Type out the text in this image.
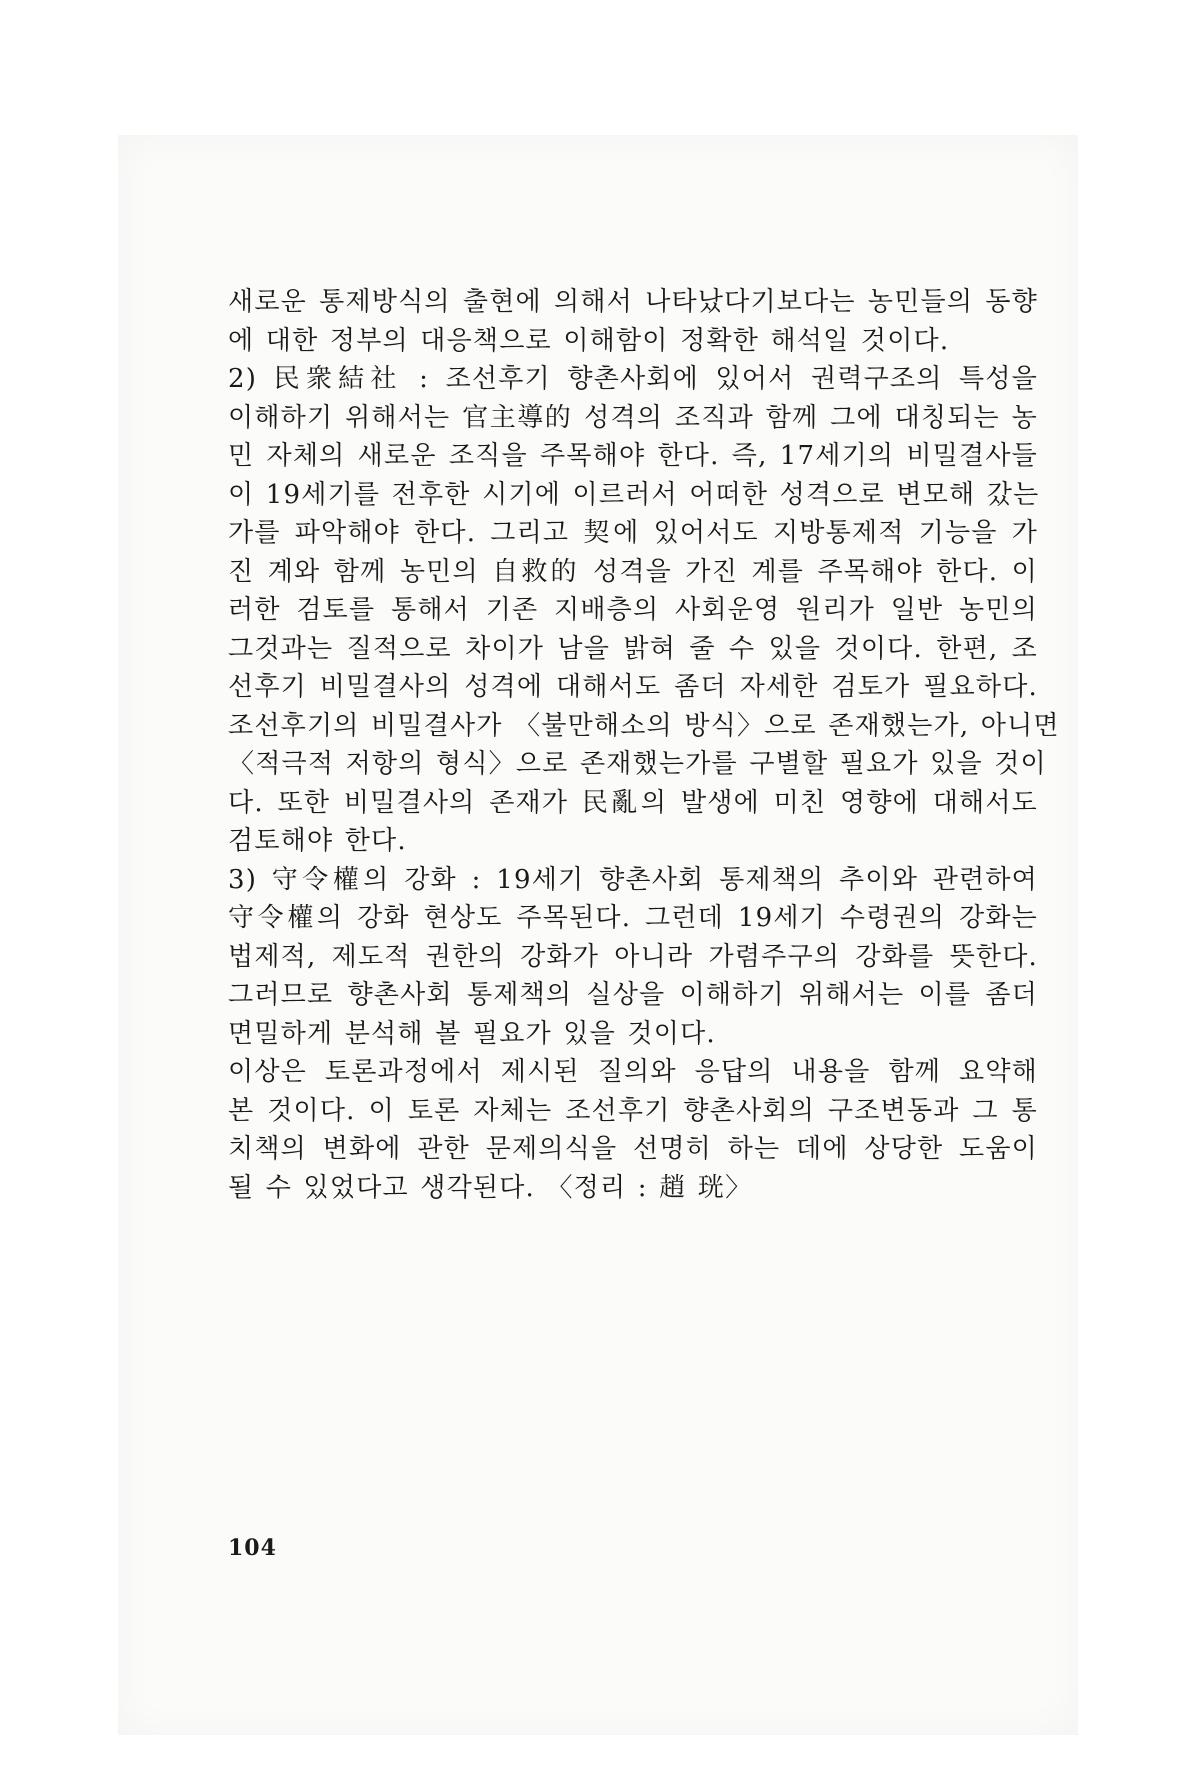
새로운 통제방식의 출현에 의해서 나타났다기보다는 농민들의 동향
에 대한 정부의 대응책으로 이해함이 정확한 해석일 것이다.
2) 民衆結社 : 조선후기 향촌사회에 있어서 권력구조의 특성을
이해하기 위해서는 官主導的 성격의 조직과 함께 그에 대칭되는 농
민 자체의 새로운 조직을 주목해야 한다. 즉, 17세기의 비밀결사들
이 19세기를 전후한 시기에 이르러서 어떠한 성격으로 변모해 갔는
가를 파악해야 한다. 그리고 契에 있어서도 지방통제적 기능을 가
진 계와 함께 농민의 自救的 성격을 가진 계를 주목해야 한다. 이
러한 검토를 통해서 기존 지배층의 사회운영 원리가 일반 농민의
그것과는 질적으로 차이가 남을 밝혀 줄 수 있을 것이다. 한편, 조
선후기 비밀결사의 성격에 대해서도 좀더 자세한 검토가 필요하다.
조선후기의 비밀결사가 〈불만해소의 방식〉으로 존재했는가, 아니면
〈적극적 저항의 형식〉으로 존재했는가를 구별할 필요가 있을 것이
다. 또한 비밀결사의 존재가 民亂의 발생에 미친 영향에 대해서도
검토해야 한다.
3) 守令權의 강화 : 19세기 향촌사회 통제책의 추이와 관련하여
守令權의 강화 현상도 주목된다. 그런데 19세기 수령권의 강화는
법제적, 제도적 권한의 강화가 아니라 가렴주구의 강화를 뜻한다.
그러므로 향촌사회 통제책의 실상을 이해하기 위해서는 이를 좀더
면밀하게 분석해 볼 필요가 있을 것이다.
이상은 토론과정에서 제시된 질의와 응답의 내용을 함께 요약해
본 것이다. 이 토론 자체는 조선후기 향촌사회의 구조변동과 그 통
치책의 변화에 관한 문제의식을 선명히 하는 데에 상당한 도움이
될 수 있었다고 생각된다. 〈정리 : 趙 珖〉
104
